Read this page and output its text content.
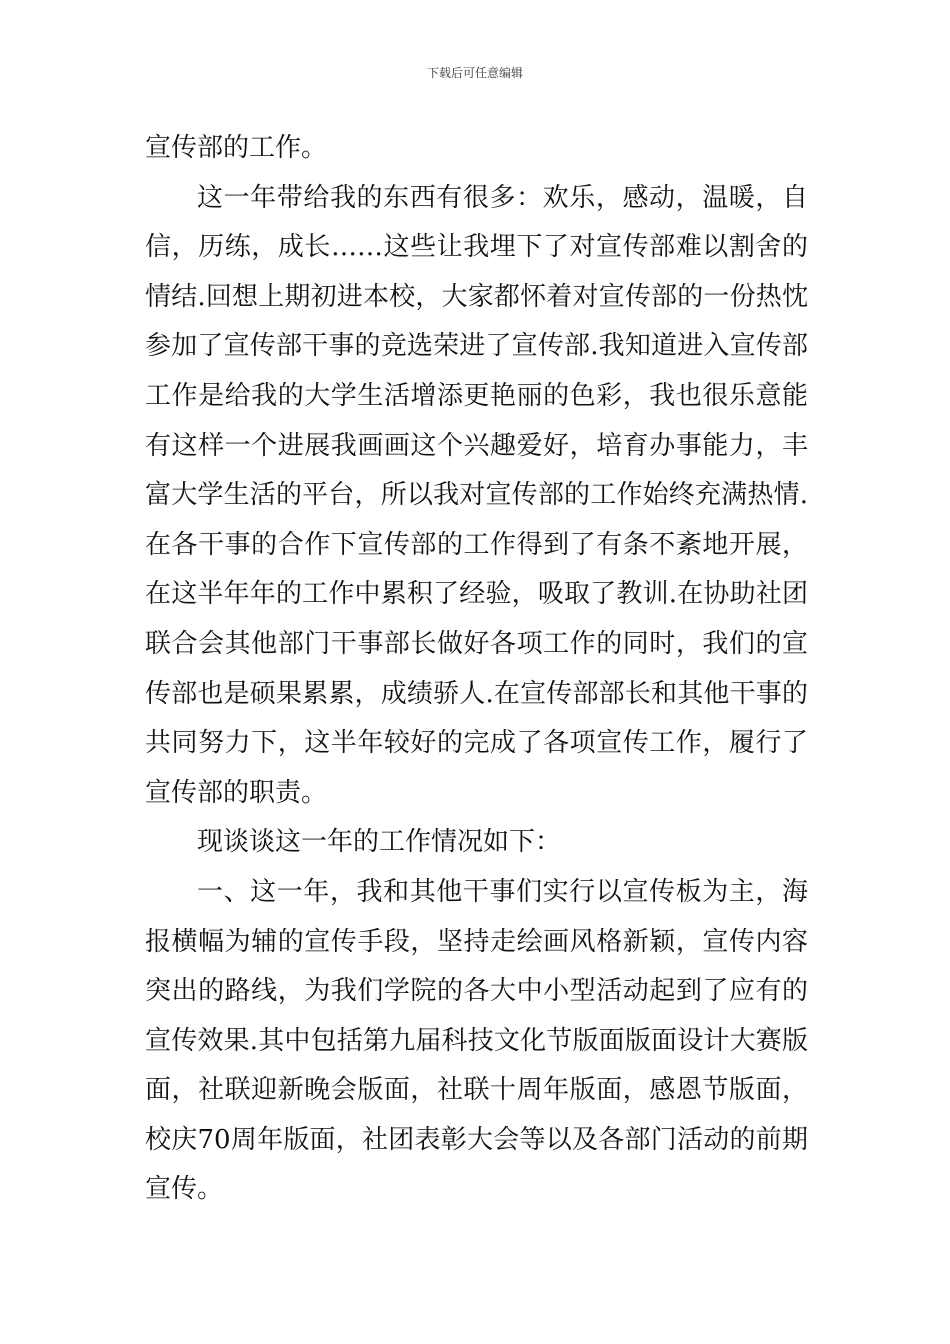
下载后可任意编辑
宣传部的工作。
这一年带给我的东西有很多：欢乐，感动，温暖，自
信，历练，成长……这些让我埋下了对宣传部难以割舍的
情结.回想上期初进本校，大家都怀着对宣传部的一份热忱
参加了宣传部干事的竞选荣进了宣传部.我知道进入宣传部
工作是给我的大学生活增添更艳丽的色彩，我也很乐意能
有这样一个进展我画画这个兴趣爱好，培育办事能力，丰
富大学生活的平台，所以我对宣传部的工作始终充满热情.
在各干事的合作下宣传部的工作得到了有条不紊地开展，
在这半年年的工作中累积了经验，吸取了教训.在协助社团
联合会其他部门干事部长做好各项工作的同时，我们的宣
传部也是硕果累累，成绩骄人.在宣传部部长和其他干事的
共同努力下，这半年较好的完成了各项宣传工作，履行了
宣传部的职责。
现谈谈这一年的工作情况如下：
一、这一年，我和其他干事们实行以宣传板为主，海
报横幅为辅的宣传手段，坚持走绘画风格新颖，宣传内容
突出的路线，为我们学院的各大中小型活动起到了应有的
宣传效果.其中包括第九届科技文化节版面版面设计大赛版
面，社联迎新晚会版面，社联十周年版面，感恩节版面，
校庆70周年版面，社团表彰大会等以及各部门活动的前期
宣传。
